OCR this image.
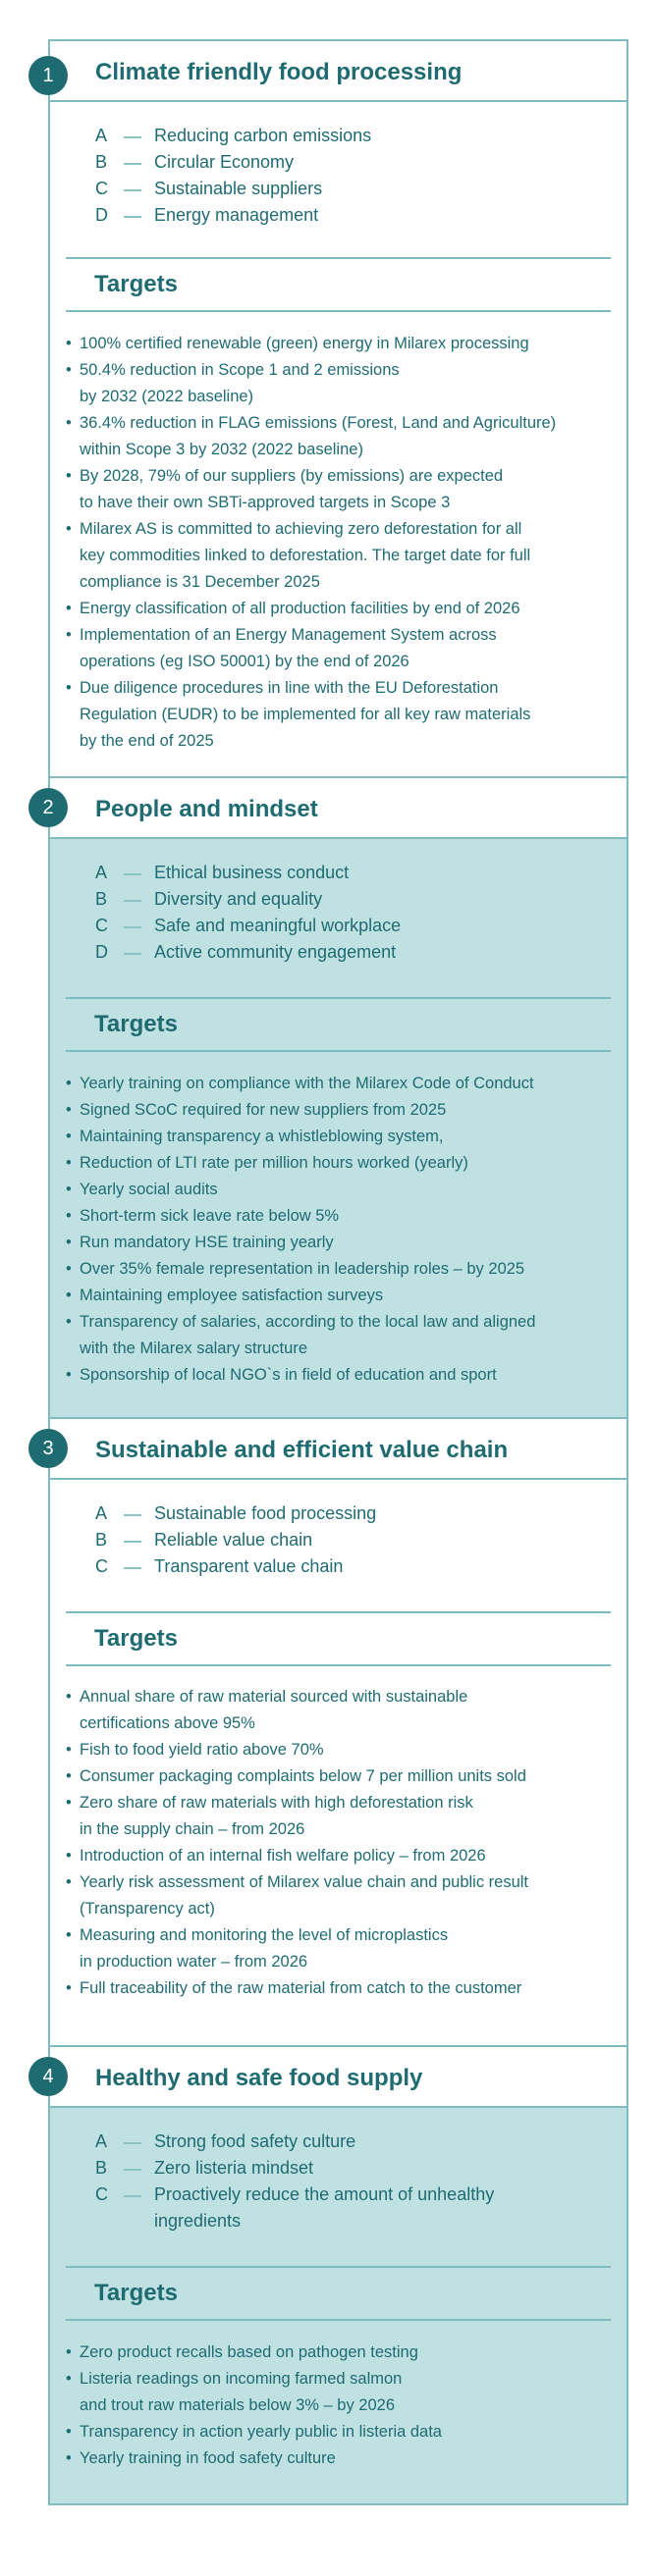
Climate friendly food processing
A	Reducing carbon emissions
B	Circular Economy
C	Sustainable suppliers
D	Energy management
Targets
• 100% certified renewable (green) energy in Milarex processing
• 50.4% reduction in Scope 1 and 2 emissions
by 2032 (2022 baseline)
• 36.4% reduction in FLAG emissions (Forest, Land and Agriculture)
within Scope 3 by 2032 (2022 baseline)
• By 2028, 79% of our suppliers (by emissions) are expected
to have their own SBTi-approved targets in Scope 3
• Milarex AS is committed to achieving zero deforestation for all
key commodities linked to deforestation. The target date for full
compliance is 31 December 2025
• Energy classification of all production facilities by end of 2026
• Implementation of an Energy Management System across
operations (eg ISO 50001) by the end of 2026
• Due diligence procedures in line with the EU Deforestation
Regulation (EUDR) to be implemented for all key raw materials
by the end of 2025
1
People and mindset
A	Ethical business conduct
B	Diversity and equality
C	Safe and meaningful workplace
D	Active community engagement
Targets
• Yearly training on compliance with the Milarex Code of Conduct
• Signed SCoC required for new suppliers from 2025
• Maintaining transparency a whistleblowing system,
• Reduction of LTI rate per million hours worked (yearly)
• Yearly social audits
• Short-term sick leave rate below 5%
• Run mandatory HSE training yearly
• Over 35% female representation in leadership roles – by 2025
• Maintaining employee satisfaction surveys
• Transparency of salaries, according to the local law and aligned
with the Milarex salary structure
• Sponsorship of local NGO`s in field of education and sport
2
Sustainable and efficient value chain
A	Sustainable food processing
B	Reliable value chain
C	Transparent value chain
Targets
• Annual share of raw material sourced with sustainable
certifications above 95%
• Fish to food yield ratio above 70%
• Consumer packaging complaints below 7 per million units sold
• Zero share of raw materials with high deforestation risk
in the supply chain – from 2026
• Introduction of an internal fish welfare policy – from 2026
• Yearly risk assessment of Milarex value chain and public result
(Transparency act)
• Measuring and monitoring the level of microplastics
in production water – from 2026
• Full traceability of the raw material from catch to the customer
3
Healthy and safe food supply
A	Strong food safety culture
B	Zero listeria mindset
C	Proactively reduce the amount of unhealthy
ingredients
Targets
• Zero product recalls based on pathogen testing
• Listeria readings on incoming farmed salmon
and trout raw materials below 3% – by 2026
• Transparency in action yearly public in listeria data
• Yearly training in food safety culture
4
